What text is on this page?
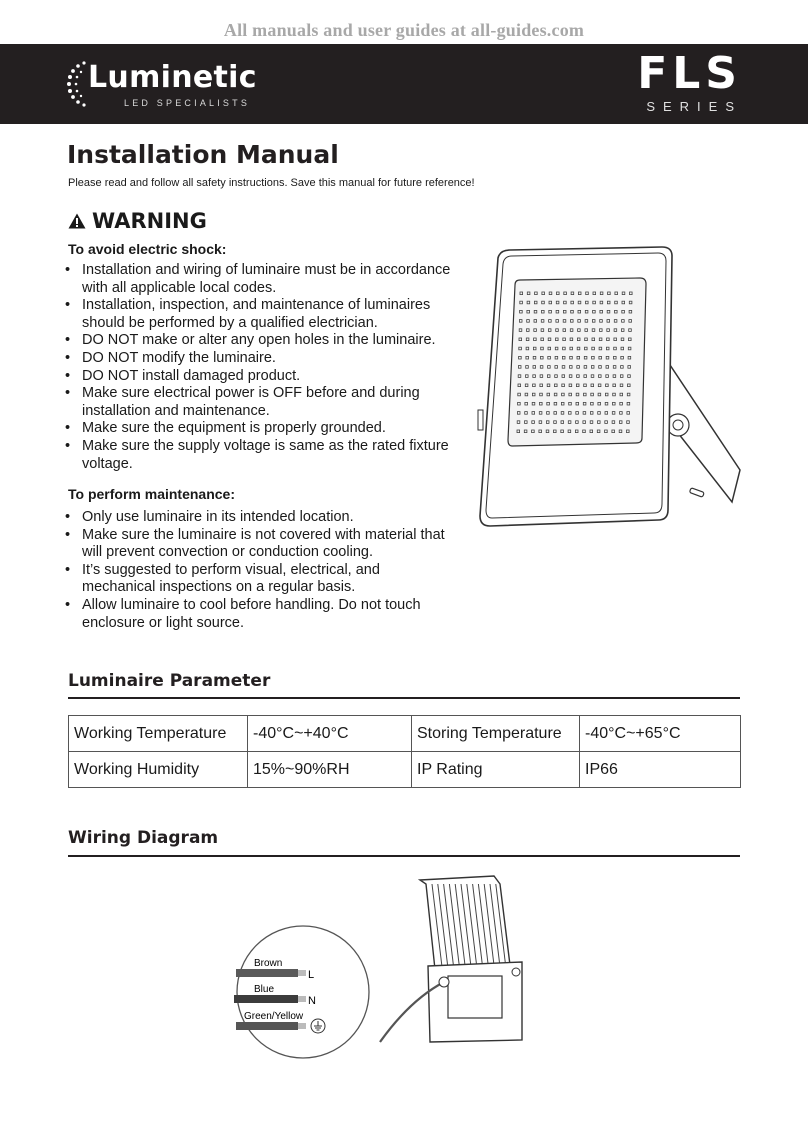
All manuals and user guides at all-guides.com
Luminetic
LED SPECIALISTS
FLS
SERIES
Installation Manual
Please read and follow all safety instructions. Save this manual for future reference!
WARNING
To avoid electric shock:
• Installation and wiring of luminaire must be in accordance with all applicable local codes.
• Installation, inspection, and maintenance of luminaires should be performed by a qualified electrician.
• DO NOT make or alter any open holes in the luminaire.
• DO NOT modify the luminaire.
• DO NOT install damaged product.
• Make sure electrical power is OFF before and during installation and maintenance.
• Make sure the equipment is properly grounded.
• Make sure the supply voltage is same as the rated fixture voltage.
To perform maintenance:
• Only use luminaire in its intended location.
• Make sure the luminaire is not covered with material that will prevent convection or conduction cooling.
• It’s suggested to perform visual, electrical, and mechanical inspections on a regular basis.
• Allow luminaire to cool before handling. Do not touch enclosure or light source.
Luminaire Parameter
Working Temperature	-40°C~+40°C	Storing Temperature	-40°C~+65°C
Working Humidity	15%~90%RH	IP Rating	IP66
Wiring Diagram
Brown
L
Blue
N
Green/Yellow
